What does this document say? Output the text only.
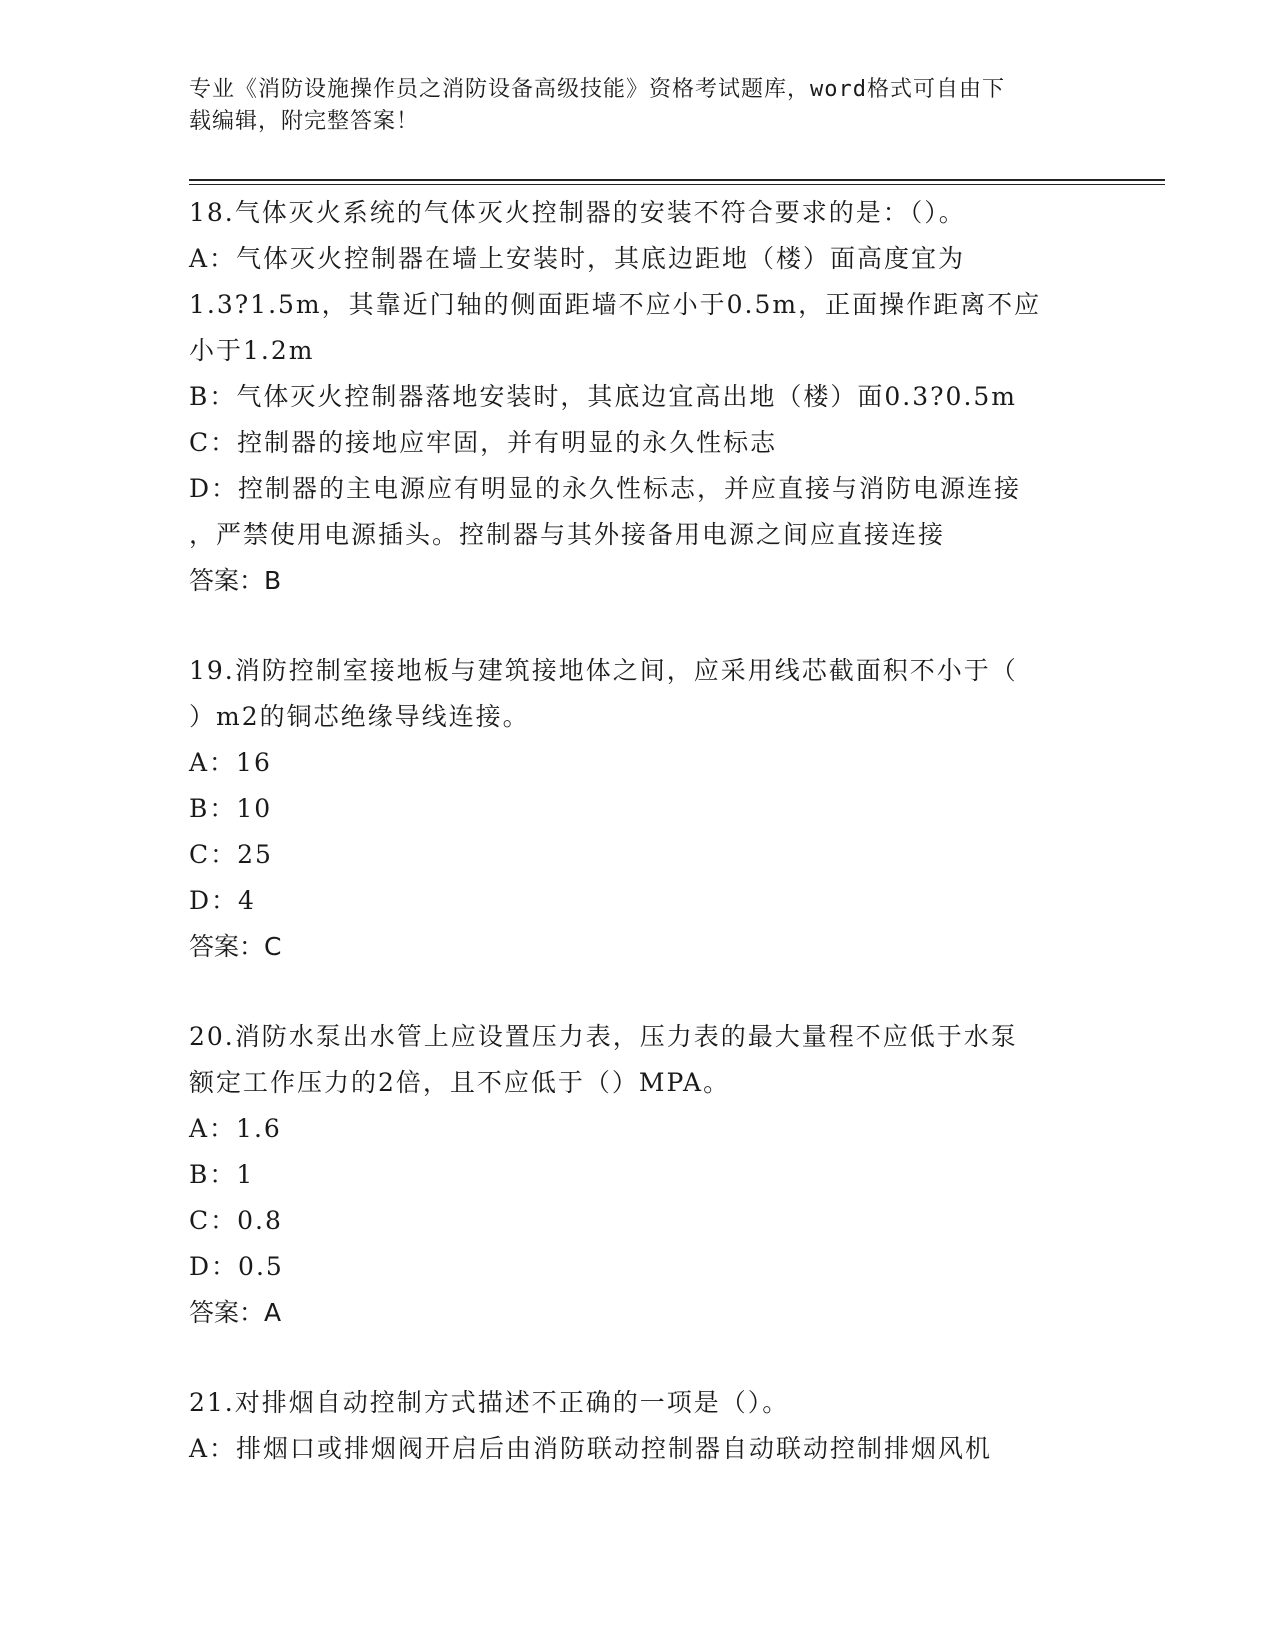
专业《消防设施操作员之消防设备高级技能》资格考试题库，word格式可自由下
载编辑，附完整答案！
18.气体灭火系统的气体灭火控制器的安装不符合要求的是：（）。
A：气体灭火控制器在墙上安装时，其底边距地（楼）面高度宜为
1.3?1.5m，其靠近门轴的侧面距墙不应小于0.5m，正面操作距离不应
小于1.2m
B：气体灭火控制器落地安装时，其底边宜高出地（楼）面0.3?0.5m
C：控制器的接地应牢固，并有明显的永久性标志
D：控制器的主电源应有明显的永久性标志，并应直接与消防电源连接
，严禁使用电源插头。控制器与其外接备用电源之间应直接连接
答案：B
19.消防控制室接地板与建筑接地体之间，应采用线芯截面积不小于（
）m2的铜芯绝缘导线连接。
A：16
B：10
C：25
D：4
答案：C
20.消防水泵出水管上应设置压力表，压力表的最大量程不应低于水泵
额定工作压力的2倍，且不应低于（）MPA。
A：1.6
B：1
C：0.8
D：0.5
答案：A
21.对排烟自动控制方式描述不正确的一项是（）。
A：排烟口或排烟阀开启后由消防联动控制器自动联动控制排烟风机
